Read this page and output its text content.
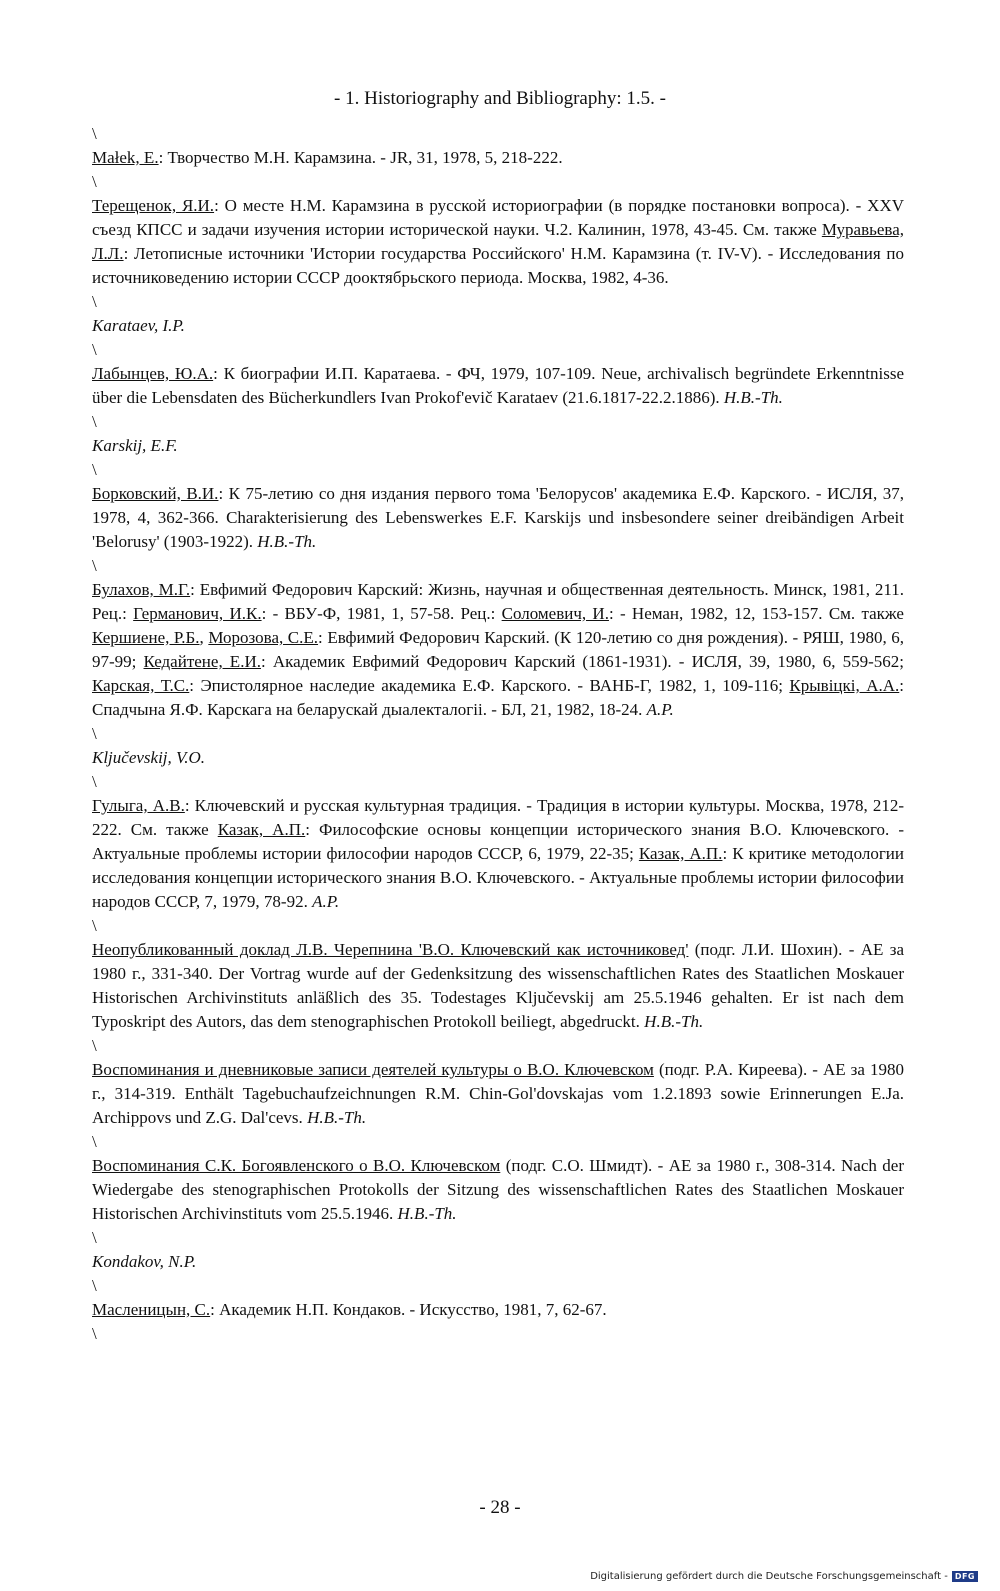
- 1. Historiography and Bibliography: 1.5. -
\

Małek, E.: Творчество М.Н. Карамзина. - JR, 31, 1978, 5, 218-222.

\

Терещенок, Я.И.: О месте Н.М. Карамзина в русской историографии (в порядке постановки вопроса). - XXV съезд КПСС и задачи изучения истории исторической науки. Ч.2. Калинин, 1978, 43-45. См. также Муравьева, Л.Л.: Летописные источники 'Истории государства Российского' Н.М. Карамзина (т. IV-V). - Исследования по источниковедению истории СССР доoктябрьского периода. Москва, 1982, 4-36.

\

Karataev, I.P.

\

Лабынцев, Ю.А.: К биографии И.П. Каратаева. - ФЧ, 1979, 107-109. Neue, archivalisch begründete Erkenntnisse über die Lebensdaten des Bücherkundlers Ivan Prokof'evič Karataev (21.6.1817-22.2.1886). H.B.-Th.

\

Karskij, E.F.

\

Борковский, В.И.: К 75-летию со дня издания первого тома 'Белорусов' академика Е.Ф. Карского. - ИСЛЯ, 37, 1978, 4, 362-366. Charakterisierung des Lebenswerkes E.F. Karskijs und insbesondere seiner dreibändigen Arbeit 'Belorusy' (1903-1922). H.B.-Th.

\

Булахов, М.Г.: Евфимий Федорович Карский: Жизнь, научная и общественная деятельность. Минск, 1981, 211. Рец.: Германович, И.К.: - ВБУ-Ф, 1981, 1, 57-58. Рец.: Соломевич, И.: - Неман, 1982, 12, 153-157. См. также Кершиене, Р.Б., Морозова, С.Е.: Евфимий Федорович Карский. (К 120-летию со дня рождения). - РЯШ, 1980, 6, 97-99; Кедайтене, Е.И.: Академик Евфимий Федорович Карский (1861-1931). - ИСЛЯ, 39, 1980, 6, 559-562; Карская, Т.С.: Эпистолярное наследие академика Е.Ф. Карского. - ВАНБ-Г, 1982, 1, 109-116; Крывіцкі, А.А.: Спадчына Я.Ф. Карскага на беларускай дыалекталогіі. - БЛ, 21, 1982, 18-24. A.P.

\

Ključevskij, V.O.

\

Гулыга, А.В.: Ключевский и русская культурная традиция. - Традиция в истории культуры. Москва, 1978, 212-222. См. также Казак, А.П.: Философские основы концепции исторического знания В.О. Ключевского. - Актуальные проблемы истории философии народов СССР, 6, 1979, 22-35; Казак, А.П.: К критике методологии исследования концепции исторического знания В.О. Ключевского. - Актуальные проблемы истории философии народов СССР, 7, 1979, 78-92. A.P.

\

Неопубликованный доклад Л.В. Черепнина 'В.О. Ключевский как источниковед' (подг. Л.И. Шохин). - АЕ за 1980 г., 331-340. Der Vortrag wurde auf der Gedenksitzung des wissenschaftlichen Rates des Staatlichen Moskauer Historischen Archivinstituts anläßlich des 35. Todestages Ključevskij am 25.5.1946 gehalten. Er ist nach dem Typoskript des Autors, das dem stenographischen Protokoll beiliegt, abgedruckt. H.B.-Th.

\

Воспоминания и дневниковые записи деятелей культуры о В.О. Ключевском (подг. Р.А. Киреева). - АЕ за 1980 г., 314-319. Enthält Tagebuchaufzeichnungen R.M. Chin-Gol'dovskajas vom 1.2.1893 sowie Erinnerungen E.Ja. Archippovs und Z.G. Dal'cevs. H.B.-Th.

\

Воспоминания С.К. Богоявленского о В.О. Ключевском (подг. С.О. Шмидт). - АЕ за 1980 г., 308-314. Nach der Wiedergabe des stenographischen Protokolls der Sitzung des wissenschaftlichen Rates des Staatlichen Moskauer Historischen Archivinstituts vom 25.5.1946. H.B.-Th.

\

Kondakov, N.P.

\

Масленицын, С.: Академик Н.П. Кондаков. - Искусство, 1981, 7, 62-67.

\
- 28 -
Digitalisierung gefördert durch die Deutsche Forschungsgemeinschaft - DFG
